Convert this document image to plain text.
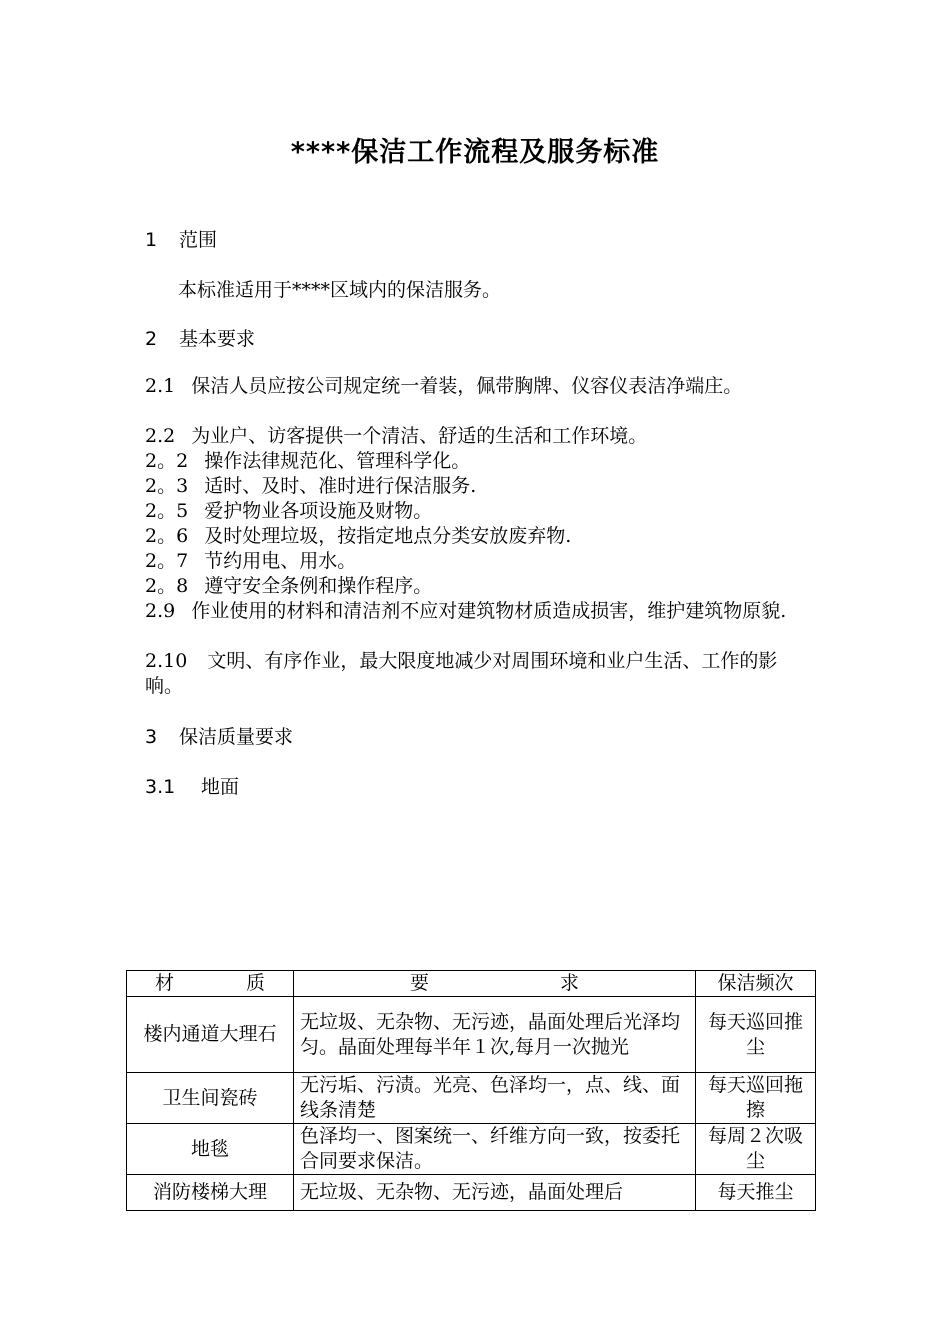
****保洁工作流程及服务标准
1 范围
本标准适用于****区域内的保洁服务。
2 基本要求
2.1 保洁人员应按公司规定统一着装，佩带胸牌、仪容仪表洁净端庄。
2.2 为业户、访客提供一个清洁、舒适的生活和工作环境。
2。2 操作法律规范化、管理科学化。
2。3 适时、及时、准时进行保洁服务.
2。5 爱护物业各项设施及财物。
2。6 及时处理垃圾，按指定地点分类安放废弃物.
2。7 节约用电、用水。
2。8 遵守安全条例和操作程序。
2.9 作业使用的材料和清洁剂不应对建筑物材质造成损害，维护建筑物原貌.
2.10 文明、有序作业，最大限度地减少对周围环境和业户生活、工作的影响。
3 保洁质量要求
3.1 地面
材 质	要 求	保洁频次
楼内通道大理石	无垃圾、无杂物、无污迹，晶面处理后光泽均匀。晶面处理每半年１次,每月一次抛光	每天巡回推尘
卫生间瓷砖	无污垢、污渍。光亮、色泽均一，点、线、面线条清楚	每天巡回拖擦
地毯	色泽均一、图案统一、纤维方向一致，按委托合同要求保洁。	每周２次吸尘
消防楼梯大理	无垃圾、无杂物、无污迹，晶面处理后	每天推尘
